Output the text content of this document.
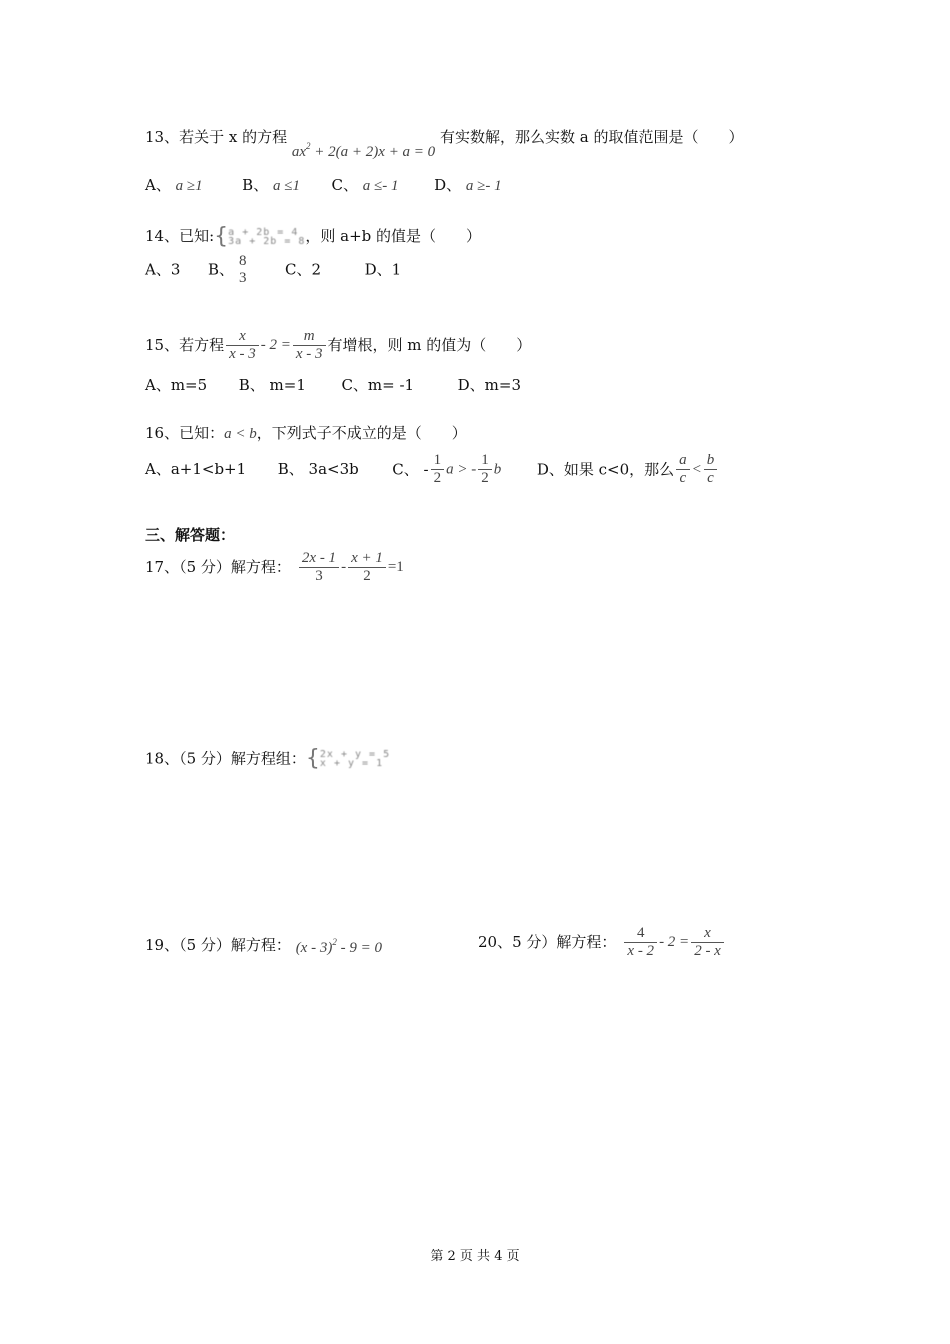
13、若关于 x 的方程 $ax^2 + 2(a + 2)x + a = 0$ 有实数解，那么实数 a 的取值范围是（　　）
A、 a ≥1	B、 a ≤1 C、 a ≤- 1 D、 a ≥- 1
14、已知:{ a + 2b = 4
3a + 2b = 8 ，则 a+b 的值是（　　）
A、3 B、 8
3	C、2	D、1
15、若方程 $\frac{x}{x - 3} - 2 = \frac{m}{x - 3}$ 有增根，则 m 的值为（　　）
A、m=5 B、 m=1 C、m= -1	D、m=3
16、已知：a < b，下列式子不成立的是（　　）
A、a+1<b+1 B、 3a<3b C、 - $\frac{1}{2}$ a > - $\frac{1}{2}$ b D、如果 c<0，那么 $\frac{a}{c} < \frac{b}{c}$
三、解答题：
17、（5 分）解方程： $\frac{2x - 1}{3} - \frac{x + 1}{2} =1$
18、（5 分）解方程组：{ 2x + y = 5
x + y = 1
19、（5 分）解方程： (x - 3)$^2$ - 9 = 0	20、5 分）解方程： $\frac{4}{x - 2} - 2 = \frac{x}{2 - x}$
第 2 页 共 4 页
